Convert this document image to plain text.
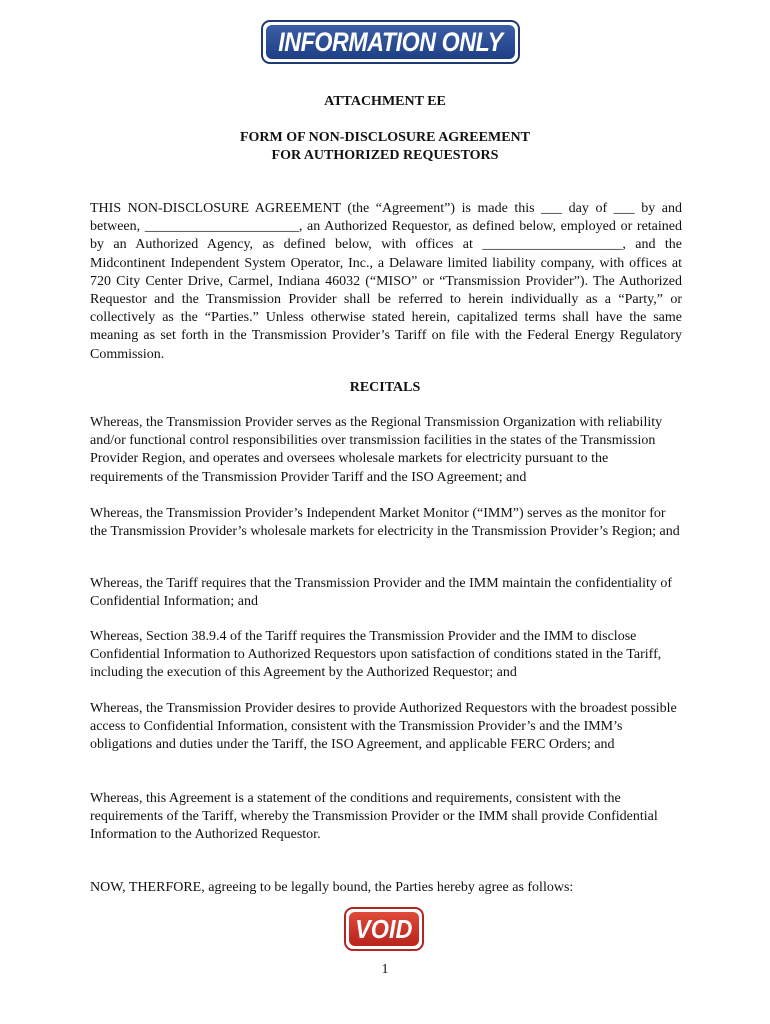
INFORMATION ONLY
ATTACHMENT EE
FORM OF NON-DISCLOSURE AGREEMENT
FOR AUTHORIZED REQUESTORS
THIS NON-DISCLOSURE AGREEMENT (the “Agreement”) is made this ___ day of ___ by and between, ______________________, an Authorized Requestor, as defined below, employed or retained by an Authorized Agency, as defined below, with offices at ____________________, and the Midcontinent Independent System Operator, Inc., a Delaware limited liability company, with offices at 720 City Center Drive, Carmel, Indiana 46032 (“MISO” or “Transmission Provider”). The Authorized Requestor and the Transmission Provider shall be referred to herein individually as a “Party,” or collectively as the “Parties.” Unless otherwise stated herein, capitalized terms shall have the same meaning as set forth in the Transmission Provider’s Tariff on file with the Federal Energy Regulatory Commission.
RECITALS
Whereas, the Transmission Provider serves as the Regional Transmission Organization with reliability and/or functional control responsibilities over transmission facilities in the states of the Transmission Provider Region, and operates and oversees wholesale markets for electricity pursuant to the requirements of the Transmission Provider Tariff and the ISO Agreement; and
Whereas, the Transmission Provider’s Independent Market Monitor (“IMM”) serves as the monitor for the Transmission Provider’s wholesale markets for electricity in the Transmission Provider’s Region; and
Whereas, the Tariff requires that the Transmission Provider and the IMM maintain the confidentiality of Confidential Information; and
Whereas, Section 38.9.4 of the Tariff requires the Transmission Provider and the IMM to disclose Confidential Information to Authorized Requestors upon satisfaction of conditions stated in the Tariff, including the execution of this Agreement by the Authorized Requestor; and
Whereas, the Transmission Provider desires to provide Authorized Requestors with the broadest possible access to Confidential Information, consistent with the Transmission Provider’s and the IMM’s obligations and duties under the Tariff, the ISO Agreement, and applicable FERC Orders; and
Whereas, this Agreement is a statement of the conditions and requirements, consistent with the requirements of the Tariff, whereby the Transmission Provider or the IMM shall provide Confidential Information to the Authorized Requestor.
NOW, THERFORE, agreeing to be legally bound, the Parties hereby agree as follows:
VOID
1
